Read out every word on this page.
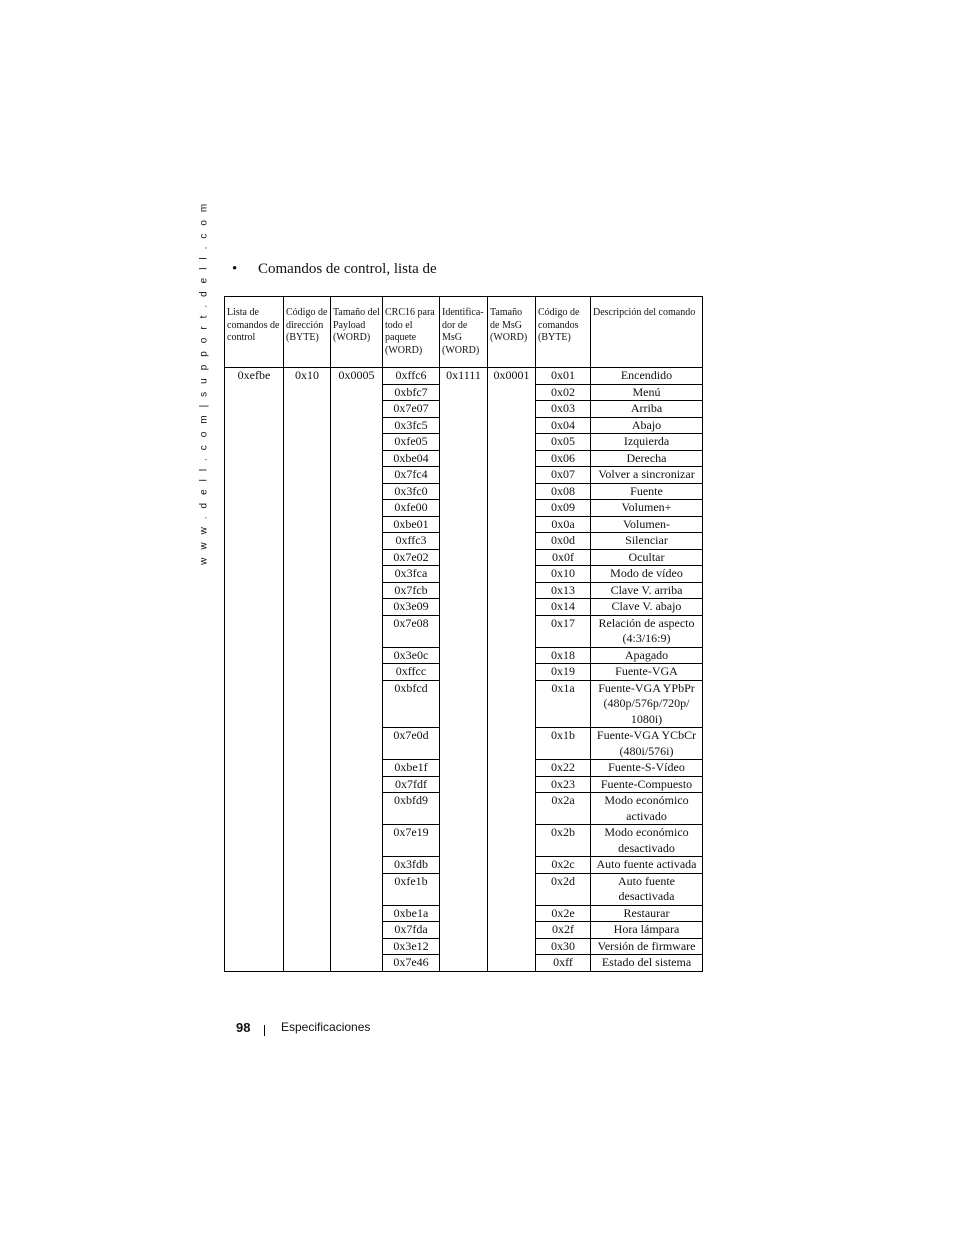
w w w . d e l l . c o m | s u p p o r t . d e l l . c o m • Comandos de control, lista de
Lista de comandos de control	Código de dirección (BYTE)	Tamaño del Payload (WORD)	CRC16 para todo el paquete (WORD)	Identifica-dor de MsG (WORD)	Tamaño de MsG (WORD)	Código de comandos (BYTE)	Descripción del comando
0xefbe	0x10	0x0005	0xffc6	0x1111	0x0001	0x01	Encendido
			0xbfc7			0x02	Menú
			0x7e07			0x03	Arriba
			0x3fc5			0x04	Abajo
			0xfe05			0x05	Izquierda
			0xbe04			0x06	Derecha
			0x7fc4			0x07	Volver a sincronizar
			0x3fc0			0x08	Fuente
			0xfe00			0x09	Volumen+
			0xbe01			0x0a	Volumen-
			0xffc3			0x0d	Silenciar
			0x7e02			0x0f	Ocultar
			0x3fca			0x10	Modo de vídeo
			0x7fcb			0x13	Clave V. arriba
			0x3e09			0x14	Clave V. abajo
			0x7e08			0x17	Relación de aspecto (4:3/16:9)
			0x3e0c			0x18	Apagado
			0xffcc			0x19	Fuente-VGA
			0xbfcd			0x1a	Fuente-VGA YPbPr (480p/576p/720p/ 1080i)
			0x7e0d			0x1b	Fuente-VGA YCbCr (480i/576i)
			0xbe1f			0x22	Fuente-S-Vídeo
			0x7fdf			0x23	Fuente-Compuesto
			0xbfd9			0x2a	Modo económico activado
			0x7e19			0x2b	Modo económico desactivado
			0x3fdb			0x2c	Auto fuente activada
			0xfe1b			0x2d	Auto fuente desactivada
			0xbe1a			0x2e	Restaurar
			0x7fda			0x2f	Hora lámpara
			0x3e12			0x30	Versión de firmware
			0x7e46			0xff	Estado del sistema
98	Especificaciones
